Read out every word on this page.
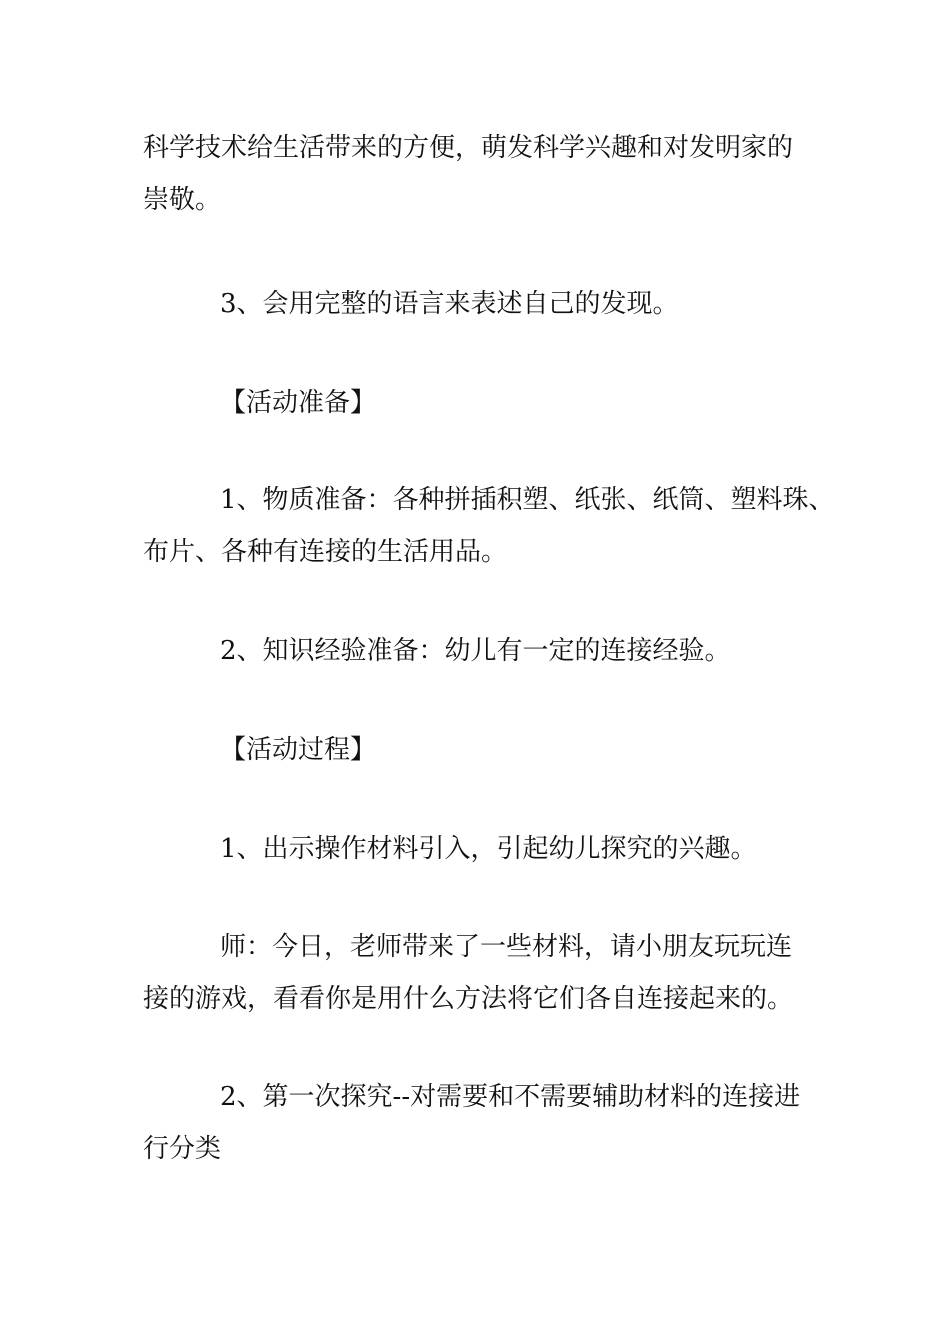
科学技术给生活带来的方便，萌发科学兴趣和对发明家的
崇敬。
3、会用完整的语言来表述自己的发现。
【活动准备】
1、物质准备：各种拼插积塑、纸张、纸筒、塑料珠、
布片、各种有连接的生活用品。
2、知识经验准备：幼儿有一定的连接经验。
【活动过程】
1、出示操作材料引入，引起幼儿探究的兴趣。
师：今日，老师带来了一些材料，请小朋友玩玩连
接的游戏，看看你是用什么方法将它们各自连接起来的。
2、第一次探究--对需要和不需要辅助材料的连接进
行分类
